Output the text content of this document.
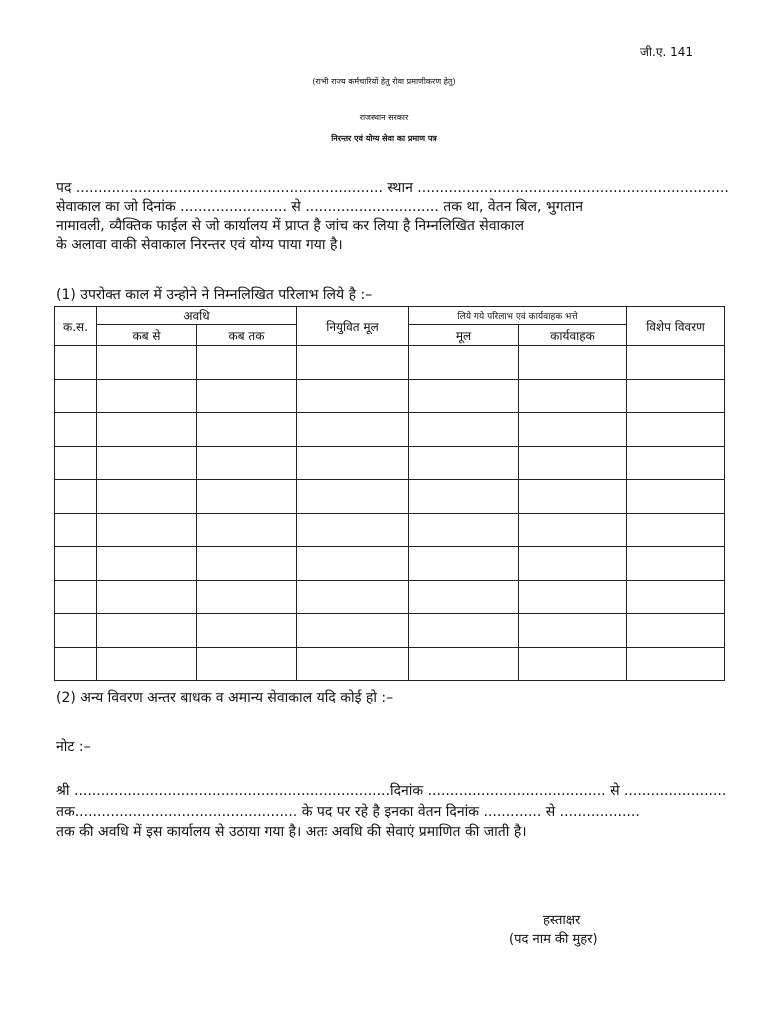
जी.ए. 141
(राभी राज्य कर्मचारियों हेतु रोवा प्रमाणीकरण हेतु)
राजस्थान सरकार
निरन्तर एवं योग्य सेवा का प्रमाण पत्र
पद ..................................................................... स्थान ......................................................................
सेवाकाल का जो दिनांक ........................ से .............................. तक था, वेतन बिल, भुगतान
नामावली, व्यैक्तिक फाईल से जो कार्यालय में प्राप्त है जांच कर लिया है निम्नलिखित सेवाकाल
के अलावा वाकी सेवाकाल निरन्तर एवं योग्य पाया गया है।
(1) उपरोक्त काल में उन्होने ने निम्नलिखित परिलाभ लिये है :–
क.स.	अवधि		नियुवित मूल	लिये गये परिलाभ एवं कार्यवाहक भत्ते		विशेप विवरण
	कब से	कब तक		मूल	कार्यवाहक	

(2) अन्य विवरण अन्तर बाधक व अमान्य सेवाकाल यदि कोई हो :–
नोट :–
श्री .......................................................................दिनांक ........................................ से .......................
तक.................................................. के पद पर रहे है इनका वेतन दिनांक ............. से ..................
तक की अवधि में इस कार्यालय से उठाया गया है। अतः अवधि की सेवाएं प्रमाणित की जाती है।
हस्ताक्षर
(पद नाम की मुहर)
